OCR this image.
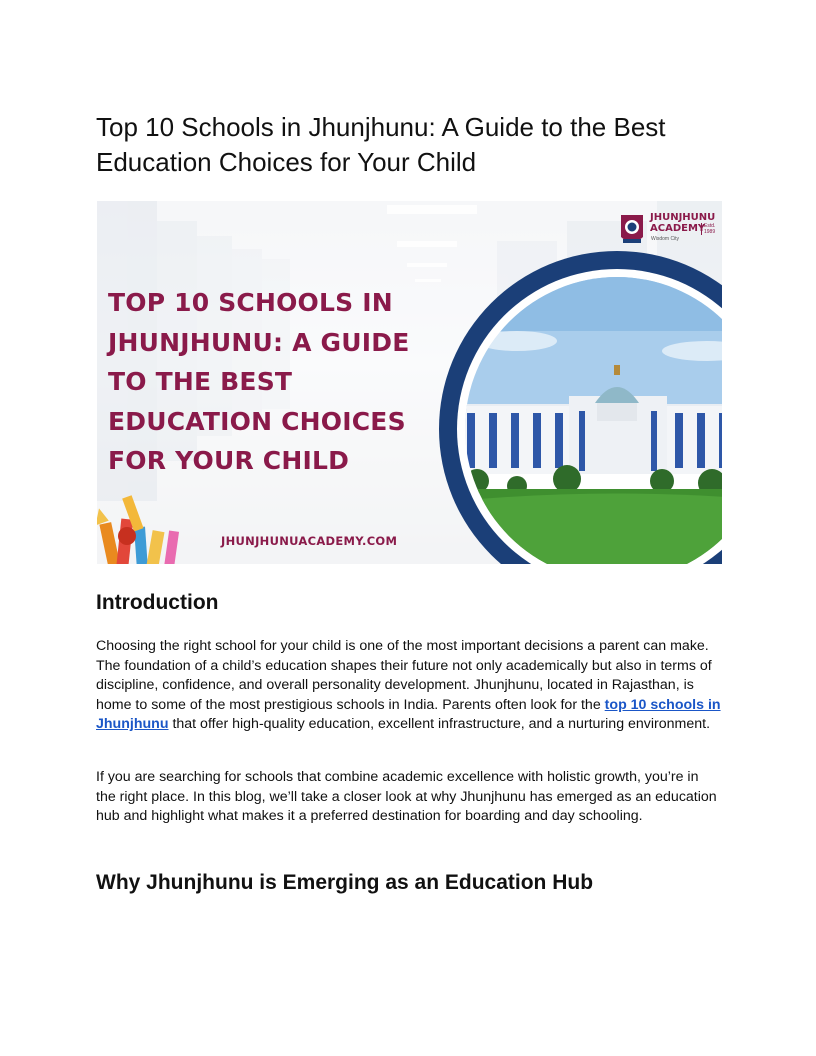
Top 10 Schools in Jhunjhunu: A Guide to the Best Education Choices for Your Child
JHUNJHUNU
ACADEMY
Estd. 1989
Wisdom City
TOP 10 SCHOOLS IN JHUNJHUNU: A GUIDE TO THE BEST EDUCATION CHOICES FOR YOUR CHILD
JHUNJHUNUACADEMY.COM
Introduction

Choosing the right school for your child is one of the most important decisions a parent can make. The foundation of a child’s education shapes their future not only academically but also in terms of discipline, confidence, and overall personality development. Jhunjhunu, located in Rajasthan, is home to some of the most prestigious schools in India. Parents often look for the top 10 schools in Jhunjhunu that offer high-quality education, excellent infrastructure, and a nurturing environment.

If you are searching for schools that combine academic excellence with holistic growth, you’re in the right place. In this blog, we’ll take a closer look at why Jhunjhunu has emerged as an education hub and highlight what makes it a preferred destination for boarding and day schooling.

Why Jhunjhunu is Emerging as an Education Hub
